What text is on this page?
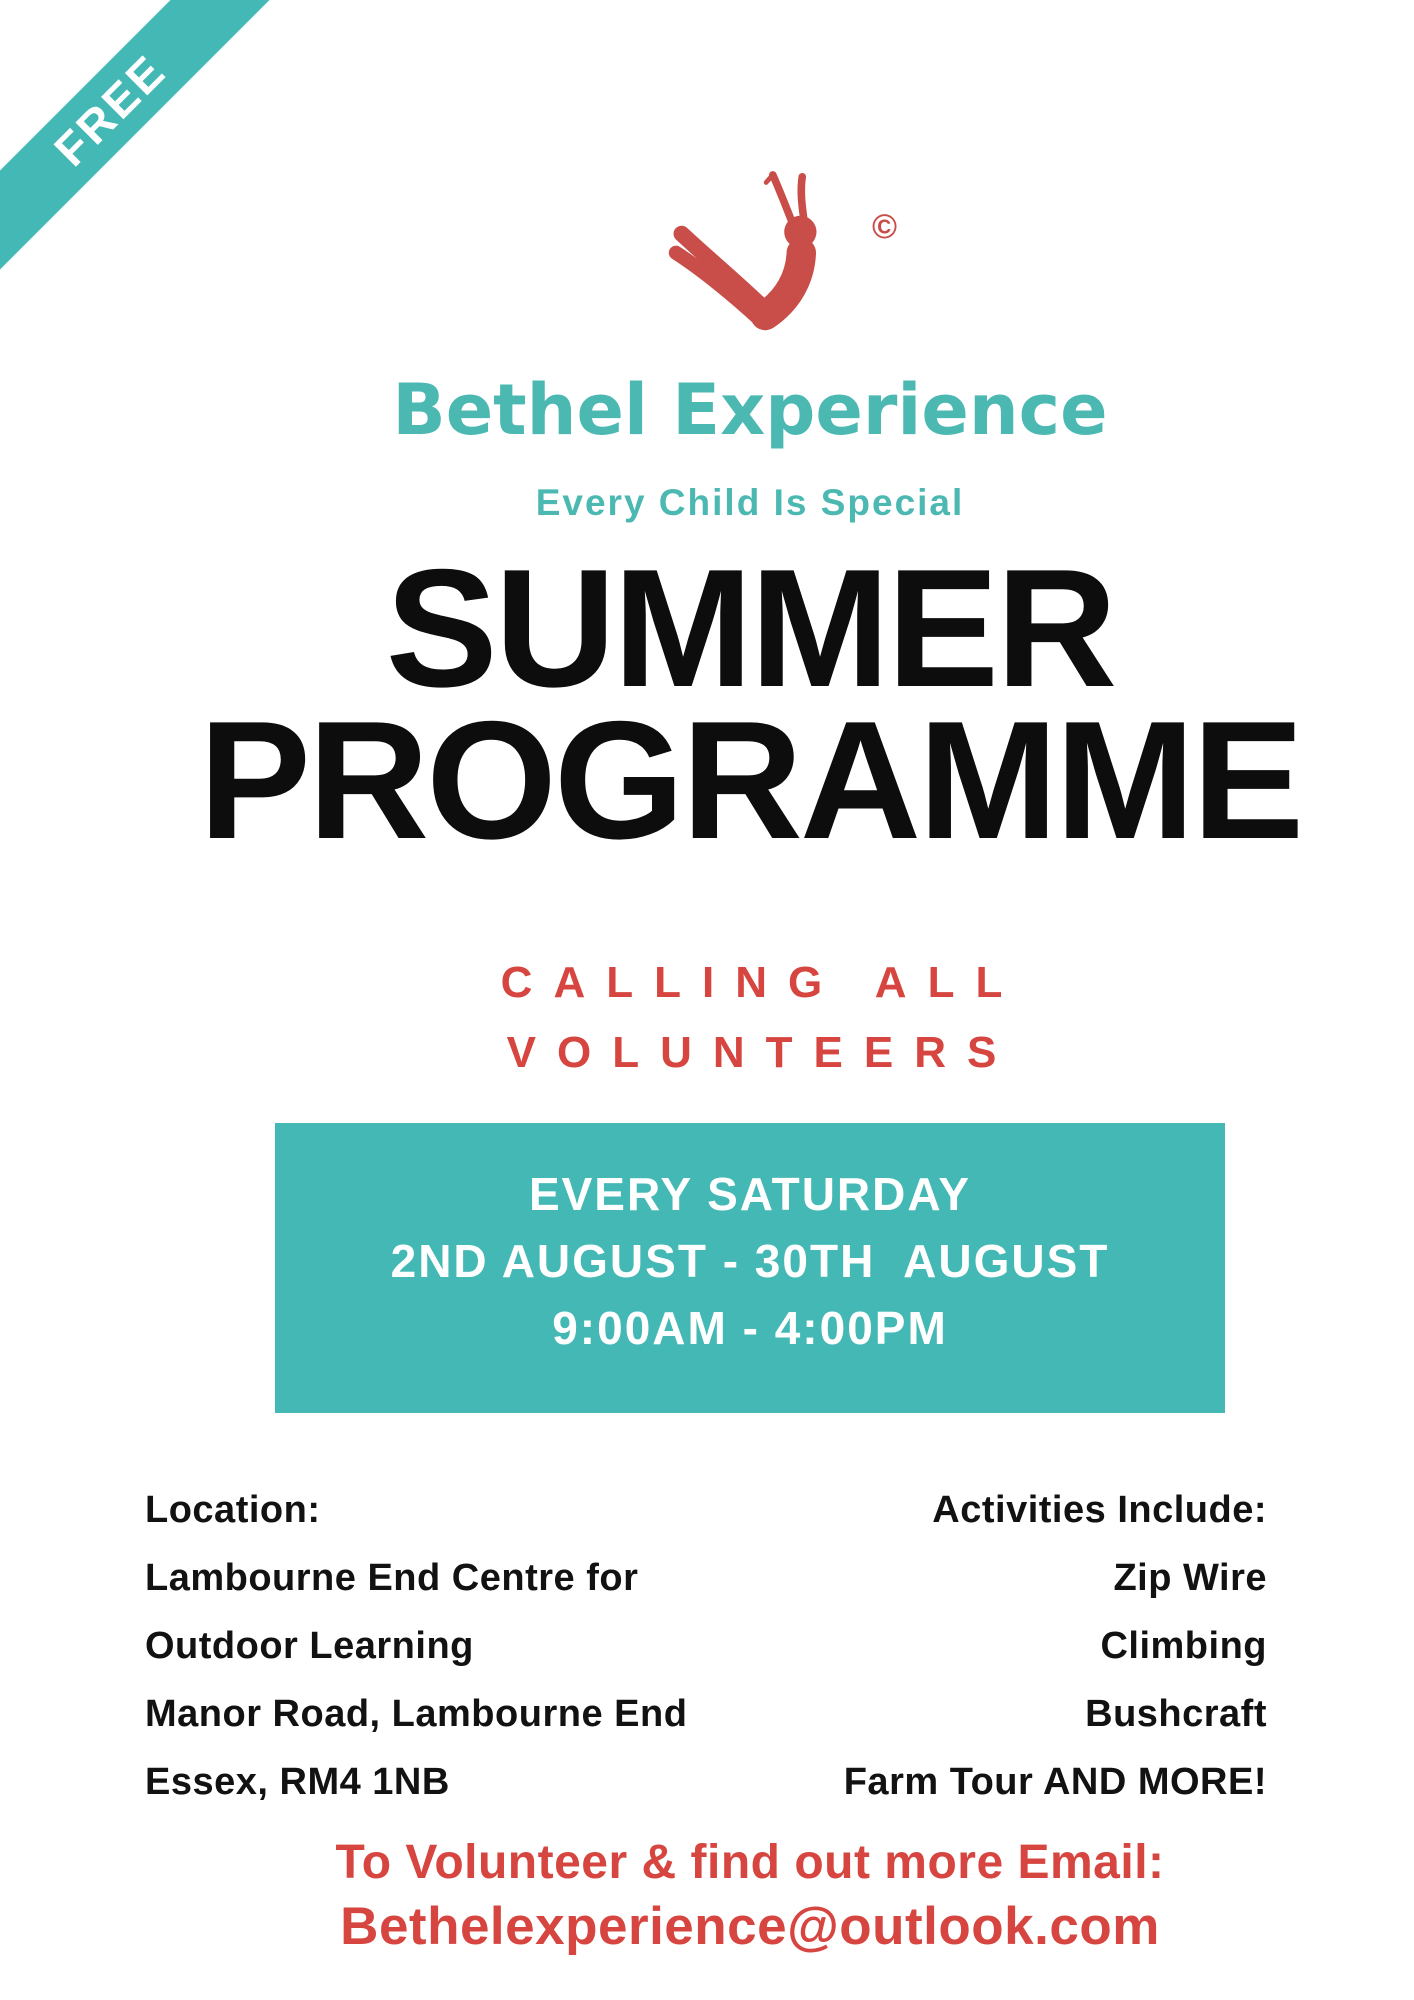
FREE
©
Bethel Experience
Every Child Is Special
SUMMER
PROGRAMME
CALLING ALL
VOLUNTEERS
EVERY SATURDAY
2ND AUGUST - 30TH  AUGUST
9:00AM - 4:00PM
Location:
Lambourne End Centre for
Outdoor Learning
Manor Road, Lambourne End
Essex, RM4 1NB
Activities Include:
Zip Wire
Climbing
Bushcraft
Farm Tour AND MORE!
To Volunteer & find out more Email:
Bethelexperience@outlook.com
